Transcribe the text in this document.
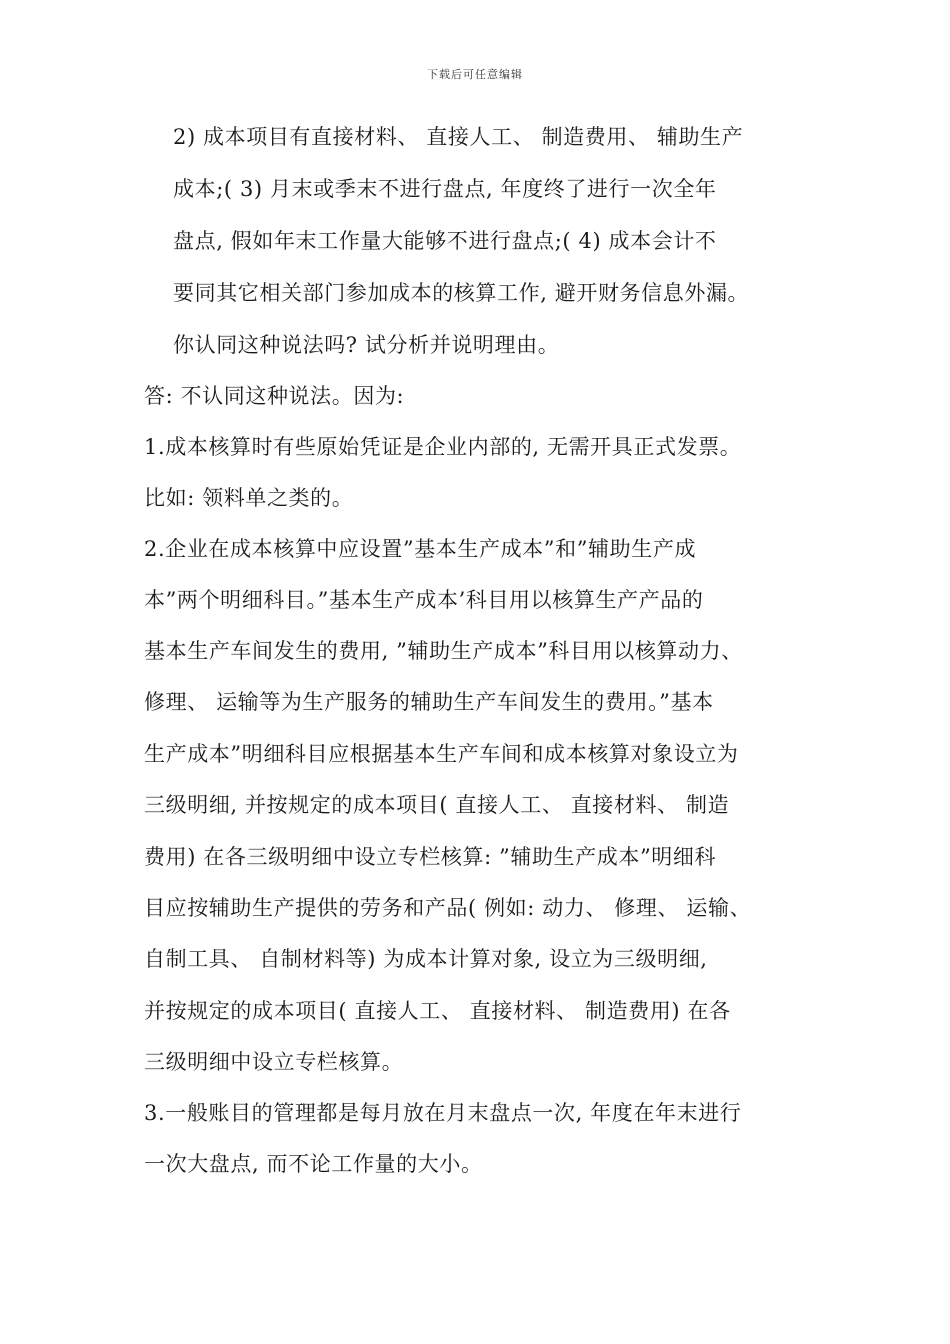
下载后可任意编辑
2) 成本项目有直接材料、 直接人工、 制造费用、 辅助生产
成本;( 3) 月末或季末不进行盘点, 年度终了进行一次全年
盘点, 假如年末工作量大能够不进行盘点;( 4) 成本会计不
要同其它相关部门参加成本的核算工作, 避开财务信息外漏。
你认同这种说法吗? 试分析并说明理由。
答: 不认同这种说法。因为:
1.成本核算时有些原始凭证是企业内部的, 无需开具正式发票。
比如: 领料单之类的。
2.企业在成本核算中应设置”基本生产成本”和”辅助生产成
本”两个明细科目。”基本生产成本’科目用以核算生产产品的
基本生产车间发生的费用, ”辅助生产成本”科目用以核算动力、
修理、 运输等为生产服务的辅助生产车间发生的费用。”基本
生产成本”明细科目应根据基本生产车间和成本核算对象设立为
三级明细, 并按规定的成本项目( 直接人工、 直接材料、 制造
费用) 在各三级明细中设立专栏核算: ”辅助生产成本”明细科
目应按辅助生产提供的劳务和产品( 例如: 动力、 修理、 运输、
自制工具、 自制材料等) 为成本计算对象, 设立为三级明细,
并按规定的成本项目( 直接人工、 直接材料、 制造费用) 在各
三级明细中设立专栏核算。
3.一般账目的管理都是每月放在月末盘点一次, 年度在年末进行
一次大盘点, 而不论工作量的大小。
